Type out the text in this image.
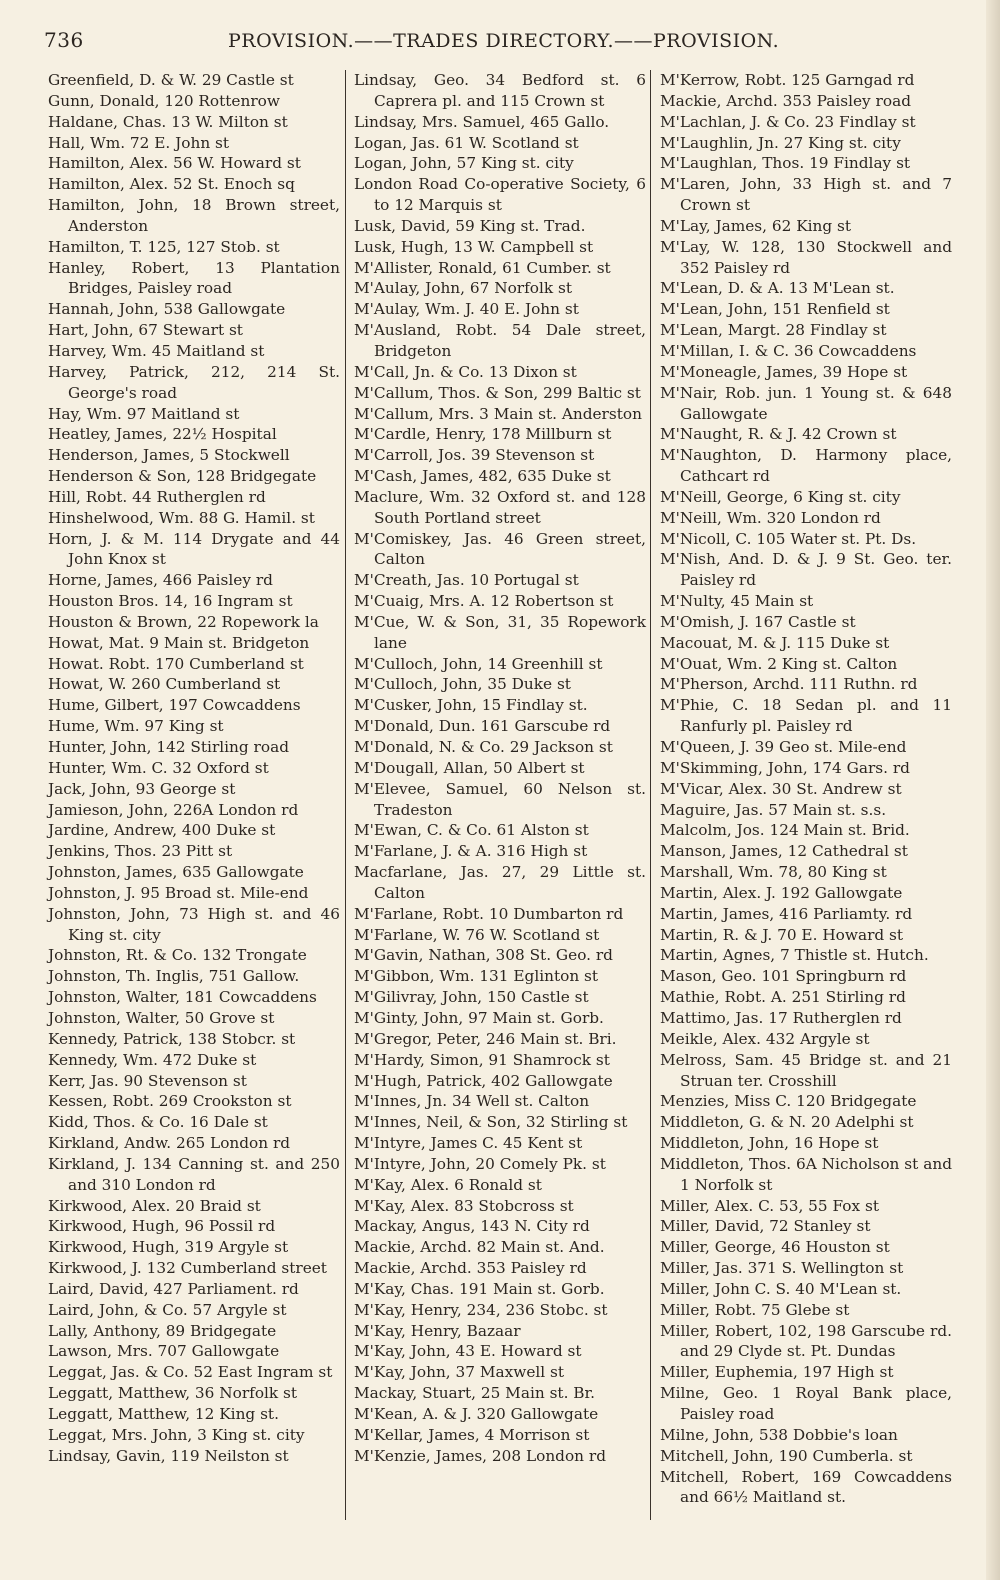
736	PROVISION.——TRADES DIRECTORY.——PROVISION.

Greenfield, D. & W. 29 Castle st

Gunn, Donald, 120 Rottenrow

Haldane, Chas. 13 W. Milton st

Hall, Wm. 72 E. John st

Hamilton, Alex. 56 W. Howard st

Hamilton, Alex. 52 St. Enoch sq

Hamilton, John, 18 Brown street, Anderston

Hamilton, T. 125, 127 Stob. st

Hanley, Robert, 13 Plantation Bridges, Paisley road

Hannah, John, 538 Gallowgate

Hart, John, 67 Stewart st

Harvey, Wm. 45 Maitland st

Harvey, Patrick, 212, 214 St. George's road

Hay, Wm. 97 Maitland st

Heatley, James, 22½ Hospital

Henderson, James, 5 Stockwell

Henderson & Son, 128 Bridgegate

Hill, Robt. 44 Rutherglen rd

Hinshelwood, Wm. 88 G. Hamil. st

Horn, J. & M. 114 Drygate and 44 John Knox st

Horne, James, 466 Paisley rd

Houston Bros. 14, 16 Ingram st

Houston & Brown, 22 Ropework la

Howat, Mat. 9 Main st. Bridgeton

Howat. Robt. 170 Cumberland st

Howat, W. 260 Cumberland st

Hume, Gilbert, 197 Cowcaddens

Hume, Wm. 97 King st

Hunter, John, 142 Stirling road

Hunter, Wm. C. 32 Oxford st

Jack, John, 93 George st

Jamieson, John, 226A London rd

Jardine, Andrew, 400 Duke st

Jenkins, Thos. 23 Pitt st

Johnston, James, 635 Gallowgate

Johnston, J. 95 Broad st. Mile-end

Johnston, John, 73 High st. and 46 King st. city

Johnston, Rt. & Co. 132 Trongate

Johnston, Th. Inglis, 751 Gallow.

Johnston, Walter, 181 Cowcaddens

Johnston, Walter, 50 Grove st

Kennedy, Patrick, 138 Stobcr. st

Kennedy, Wm. 472 Duke st

Kerr, Jas. 90 Stevenson st

Kessen, Robt. 269 Crookston st

Kidd, Thos. & Co. 16 Dale st

Kirkland, Andw. 265 London rd

Kirkland, J. 134 Canning st. and 250 and 310 London rd

Kirkwood, Alex. 20 Braid st

Kirkwood, Hugh, 96 Possil rd

Kirkwood, Hugh, 319 Argyle st

Kirkwood, J. 132 Cumberland street

Laird, David, 427 Parliament. rd

Laird, John, & Co. 57 Argyle st

Lally, Anthony, 89 Bridgegate

Lawson, Mrs. 707 Gallowgate

Leggat, Jas. & Co. 52 East Ingram st

Leggatt, Matthew, 36 Norfolk st

Leggatt, Matthew, 12 King st.

Leggat, Mrs. John, 3 King st. city

Lindsay, Gavin, 119 Neilston st

Lindsay, Geo. 34 Bedford st. 6 Caprera pl. and 115 Crown st

Lindsay, Mrs. Samuel, 465 Gallo.

Logan, Jas. 61 W. Scotland st

Logan, John, 57 King st. city

London Road Co-operative Society, 6 to 12 Marquis st

Lusk, David, 59 King st. Trad.

Lusk, Hugh, 13 W. Campbell st

M'Allister, Ronald, 61 Cumber. st

M'Aulay, John, 67 Norfolk st

M'Aulay, Wm. J. 40 E. John st

M'Ausland, Robt. 54 Dale street, Bridgeton

M'Call, Jn. & Co. 13 Dixon st

M'Callum, Thos. & Son, 299 Baltic st

M'Callum, Mrs. 3 Main st. Anderston

M'Cardle, Henry, 178 Millburn st

M'Carroll, Jos. 39 Stevenson st

M'Cash, James, 482, 635 Duke st

Maclure, Wm. 32 Oxford st. and 128 South Portland street

M'Comiskey, Jas. 46 Green street, Calton

M'Creath, Jas. 10 Portugal st

M'Cuaig, Mrs. A. 12 Robertson st

M'Cue, W. & Son, 31, 35 Ropework lane

M'Culloch, John, 14 Greenhill st

M'Culloch, John, 35 Duke st

M'Cusker, John, 15 Findlay st.

M'Donald, Dun. 161 Garscube rd

M'Donald, N. & Co. 29 Jackson st

M'Dougall, Allan, 50 Albert st

M'Elevee, Samuel, 60 Nelson st. Tradeston

M'Ewan, C. & Co. 61 Alston st

M'Farlane, J. & A. 316 High st

Macfarlane, Jas. 27, 29 Little st. Calton

M'Farlane, Robt. 10 Dumbarton rd

M'Farlane, W. 76 W. Scotland st

M'Gavin, Nathan, 308 St. Geo. rd

M'Gibbon, Wm. 131 Eglinton st

M'Gilivray, John, 150 Castle st

M'Ginty, John, 97 Main st. Gorb.

M'Gregor, Peter, 246 Main st. Bri.

M'Hardy, Simon, 91 Shamrock st

M'Hugh, Patrick, 402 Gallowgate

M'Innes, Jn. 34 Well st. Calton

M'Innes, Neil, & Son, 32 Stirling st

M'Intyre, James C. 45 Kent st

M'Intyre, John, 20 Comely Pk. st

M'Kay, Alex. 6 Ronald st

M'Kay, Alex. 83 Stobcross st

Mackay, Angus, 143 N. City rd

Mackie, Archd. 82 Main st. And.

Mackie, Archd. 353 Paisley rd

M'Kay, Chas. 191 Main st. Gorb.

M'Kay, Henry, 234, 236 Stobc. st

M'Kay, Henry, Bazaar

M'Kay, John, 43 E. Howard st

M'Kay, John, 37 Maxwell st

Mackay, Stuart, 25 Main st. Br.

M'Kean, A. & J. 320 Gallowgate

M'Kellar, James, 4 Morrison st

M'Kenzie, James, 208 London rd

M'Kerrow, Robt. 125 Garngad rd

Mackie, Archd. 353 Paisley road

M'Lachlan, J. & Co. 23 Findlay st

M'Laughlin, Jn. 27 King st. city

M'Laughlan, Thos. 19 Findlay st

M'Laren, John, 33 High st. and 7 Crown st

M'Lay, James, 62 King st

M'Lay, W. 128, 130 Stockwell and 352 Paisley rd

M'Lean, D. & A. 13 M'Lean st.

M'Lean, John, 151 Renfield st

M'Lean, Margt. 28 Findlay st

M'Millan, I. & C. 36 Cowcaddens

M'Moneagle, James, 39 Hope st

M'Nair, Rob. jun. 1 Young st. & 648 Gallowgate

M'Naught, R. & J. 42 Crown st

M'Naughton, D. Harmony place, Cathcart rd

M'Neill, George, 6 King st. city

M'Neill, Wm. 320 London rd

M'Nicoll, C. 105 Water st. Pt. Ds.

M'Nish, And. D. & J. 9 St. Geo. ter. Paisley rd

M'Nulty, 45 Main st

M'Omish, J. 167 Castle st

Macouat, M. & J. 115 Duke st

M'Ouat, Wm. 2 King st. Calton

M'Pherson, Archd. 111 Ruthn. rd

M'Phie, C. 18 Sedan pl. and 11 Ranfurly pl. Paisley rd

M'Queen, J. 39 Geo st. Mile-end

M'Skimming, John, 174 Gars. rd

M'Vicar, Alex. 30 St. Andrew st

Maguire, Jas. 57 Main st. s.s.

Malcolm, Jos. 124 Main st. Brid.

Manson, James, 12 Cathedral st

Marshall, Wm. 78, 80 King st

Martin, Alex. J. 192 Gallowgate

Martin, James, 416 Parliamty. rd

Martin, R. & J. 70 E. Howard st

Martin, Agnes, 7 Thistle st. Hutch.

Mason, Geo. 101 Springburn rd

Mathie, Robt. A. 251 Stirling rd

Mattimo, Jas. 17 Rutherglen rd

Meikle, Alex. 432 Argyle st

Melross, Sam. 45 Bridge st. and 21 Struan ter. Crosshill

Menzies, Miss C. 120 Bridgegate

Middleton, G. & N. 20 Adelphi st

Middleton, John, 16 Hope st

Middleton, Thos. 6A Nicholson st and 1 Norfolk st

Miller, Alex. C. 53, 55 Fox st

Miller, David, 72 Stanley st

Miller, George, 46 Houston st

Miller, Jas. 371 S. Wellington st

Miller, John C. S. 40 M'Lean st.

Miller, Robt. 75 Glebe st

Miller, Robert, 102, 198 Garscube rd. and 29 Clyde st. Pt. Dundas

Miller, Euphemia, 197 High st

Milne, Geo. 1 Royal Bank place, Paisley road

Milne, John, 538 Dobbie's loan

Mitchell, John, 190 Cumberla. st

Mitchell, Robert, 169 Cowcaddens and 66½ Maitland st.
